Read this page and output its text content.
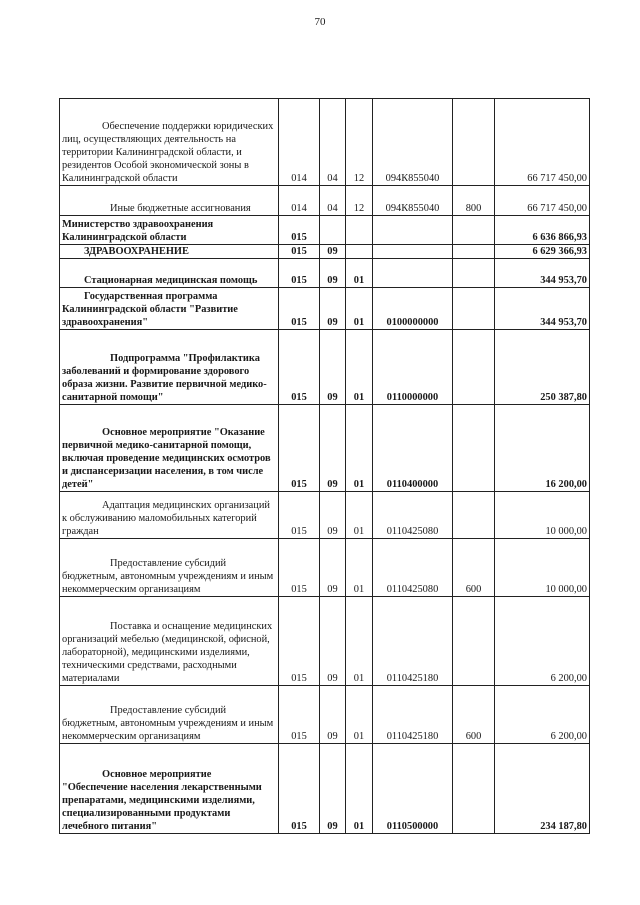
70
Обеспечение поддержки юридических лиц, осуществляющих деятельность на территории Калининградской области, и резидентов Особой экономической зоны в Калининградской области	014	04	12	094К855040		66 717 450,00
Иные бюджетные ассигнования	014	04	12	094К855040	800	66 717 450,00
Министерство здравоохранения Калининградской области	015					6 636 866,93
ЗДРАВООХРАНЕНИЕ	015	09				6 629 366,93
Стационарная медицинская помощь	015	09	01			344 953,70
Государственная программа Калининградской области "Развитие здравоохранения"	015	09	01	0100000000		344 953,70
Подпрограмма "Профилактика заболеваний и формирование здорового образа жизни. Развитие первичной медико-санитарной помощи"	015	09	01	0110000000		250 387,80
Основное мероприятие "Оказание первичной медико-санитарной помощи, включая проведение медицинских осмотров и диспансеризации населения, в том числе детей"	015	09	01	0110400000		16 200,00
Адаптация медицинских организаций к обслуживанию маломобильных категорий граждан	015	09	01	0110425080		10 000,00
Предоставление субсидий бюджетным, автономным учреждениям и иным некоммерческим организациям	015	09	01	0110425080	600	10 000,00
Поставка и оснащение медицинских организаций мебелью (медицинской, офисной, лабораторной), медицинскими изделиями, техническими средствами, расходными материалами	015	09	01	0110425180		6 200,00
Предоставление субсидий бюджетным, автономным учреждениям и иным некоммерческим организациям	015	09	01	0110425180	600	6 200,00
Основное мероприятие "Обеспечение населения лекарственными препаратами, медицинскими изделиями, специализированными продуктами лечебного питания"	015	09	01	0110500000		234 187,80
